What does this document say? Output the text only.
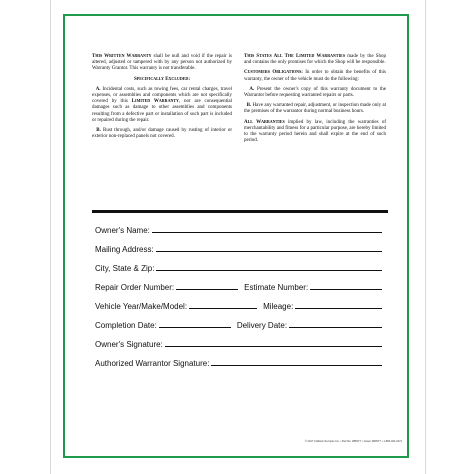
This Written Warranty shall be null and void if the repair is altered, adjusted or tampered with by any person not authorized by Warranty Grantor. This warranty is not transferable.

Specifically Excluded:

A. Incidental costs, such as towing fees, car rental charges, travel expenses, or assemblies and components which are not specifically covered by this Limited Warranty, nor are consequential damages such as damage to other assemblies and components resulting from a defective part or installation of such part is included or repaired during the repair.

B. Rust through, and/or damage caused by rusting of interior or exterior non-replaced panels not covered.

This States All The Limited Warranties made by the Shop and contains the only promises for which the Shop will be responsible.

Customers Obligations: In order to obtain the benefits of this warranty, the owner of the vehicle must do the following:

A. Present the owner's copy of this warranty document to the Warrantor before requesting warranted repairs or parts.

B. Have any warranted repair, adjustment, or inspection made only at the premises of the warrantor during normal business hours.

All Warranties implied by law, including the warranties of merchantability and fitness for a particular purpose, are hereby limited to the warranty period herein and shall expire at the end of such period.

Owner's Name:
Mailing Address:
City, State & Zip:
Repair Order Number:	Estimate Number:
Vehicle Year/Make/Model:	Mileage:
Completion Date:	Delivery Date:
Owner's Signature:
Authorized Warrantor Signature:
© 2017 Collision Services Inc. • Part No. WRNTY • Green WRNTY • 1-800-461-0171
